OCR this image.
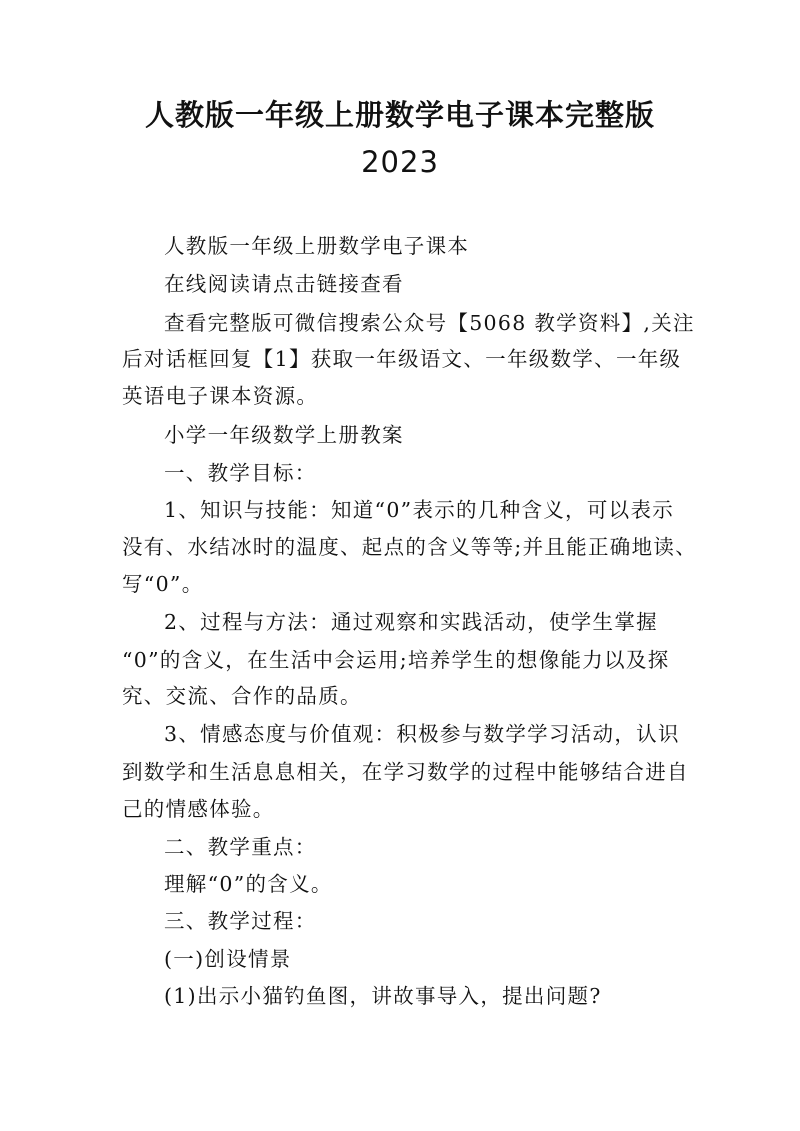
人教版一年级上册数学电子课本完整版
2023
人教版一年级上册数学电子课本
在线阅读请点击链接查看
查看完整版可微信搜索公众号【5068 教学资料】,关注
后对话框回复【1】获取一年级语文、一年级数学、一年级
英语电子课本资源。
小学一年级数学上册教案
一、教学目标：
1、知识与技能：知道“0”表示的几种含义，可以表示
没有、水结冰时的温度、起点的含义等等;并且能正确地读、
写“0”。
2、过程与方法：通过观察和实践活动，使学生掌握
“0”的含义，在生活中会运用;培养学生的想像能力以及探
究、交流、合作的品质。
3、情感态度与价值观：积极参与数学学习活动，认识
到数学和生活息息相关，在学习数学的过程中能够结合进自
己的情感体验。
二、教学重点：
理解“0”的含义。
三、教学过程：
(一)创设情景
(1)出示小猫钓鱼图，讲故事导入，提出问题?
